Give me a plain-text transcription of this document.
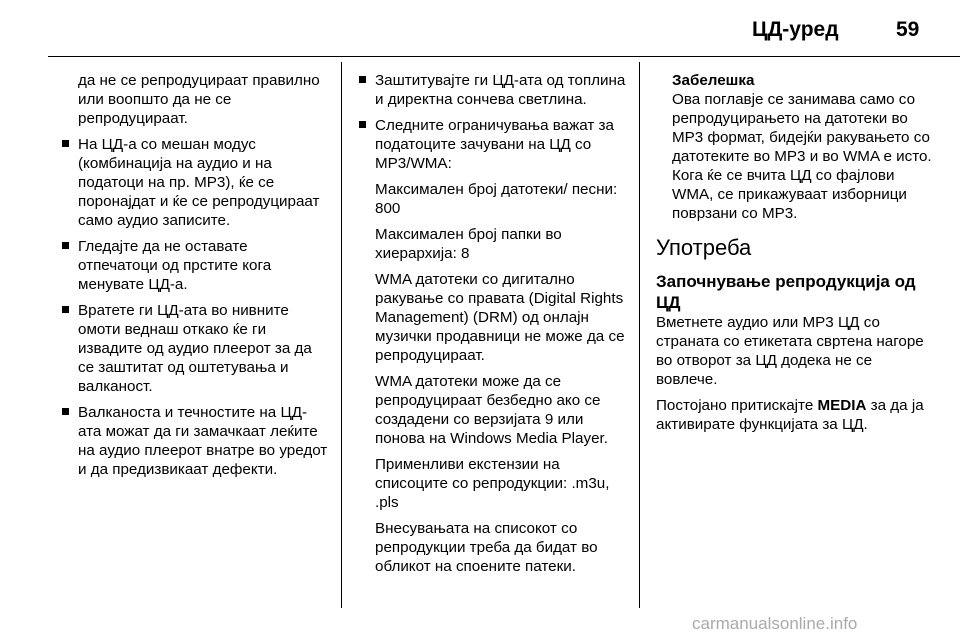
ЦД-уред	59

да не се репродуцираат правилно или воопшто да не се репродуцираат.

На ЦД-а со мешан модус (комбинација на аудио и на податоци на пр. MP3), ќе се поронајдат и ќе се репродуцираат само аудио записите.
Гледајте да не оставате отпечатоци од прстите кога менувате ЦД-а.
Вратете ги ЦД-ата во нивните омоти веднаш откако ќе ги извадите од аудио плеерот за да се заштитат од оштетувања и валканост.
Валканоста и течностите на ЦД-ата можат да ги замачкаат леќите на аудио плеерот внатре во уредот и да предизвикаат дефекти.
Заштитувајте ги ЦД-ата од топлина и директна сончева светлина.
Следните ограничувања важат за податоците зачувани на ЦД со MP3/WMA:

Максимален број датотеки/ песни: 800

Максимален број папки во хиерархија: 8

WMA датотеки со дигитално ракување со правата (Digital Rights Management) (DRM) од онлајн музички продавници не може да се репродуцираат.

WMA датотеки може да се репродуцираат безбедно ако се создадени со верзијата 9 или понова на Windows Media Player.

Применливи екстензии на списоците со репродукции: .m3u, .pls

Внесувањата на списокот со репродукции треба да бидат во обликот на споените патеки.

Забелешка

Ова поглавје се занимава само со репродуцирањето на датотеки во MP3 формат, бидејќи ракувањето со датотеките во MP3 и во WMA е исто. Кога ќе се вчита ЦД со фајлови WMA, се прикажуваат изборници поврзани со MP3.

Употреба

Започнување репродукција од ЦД

Вметнете аудио или MP3 ЦД со страната со етикетата свртена нагоре во отворот за ЦД додека не се вовлече.

Постојано притискајте MEDIA за да ја активирате функцијата за ЦД.

carmanualsonline.info
